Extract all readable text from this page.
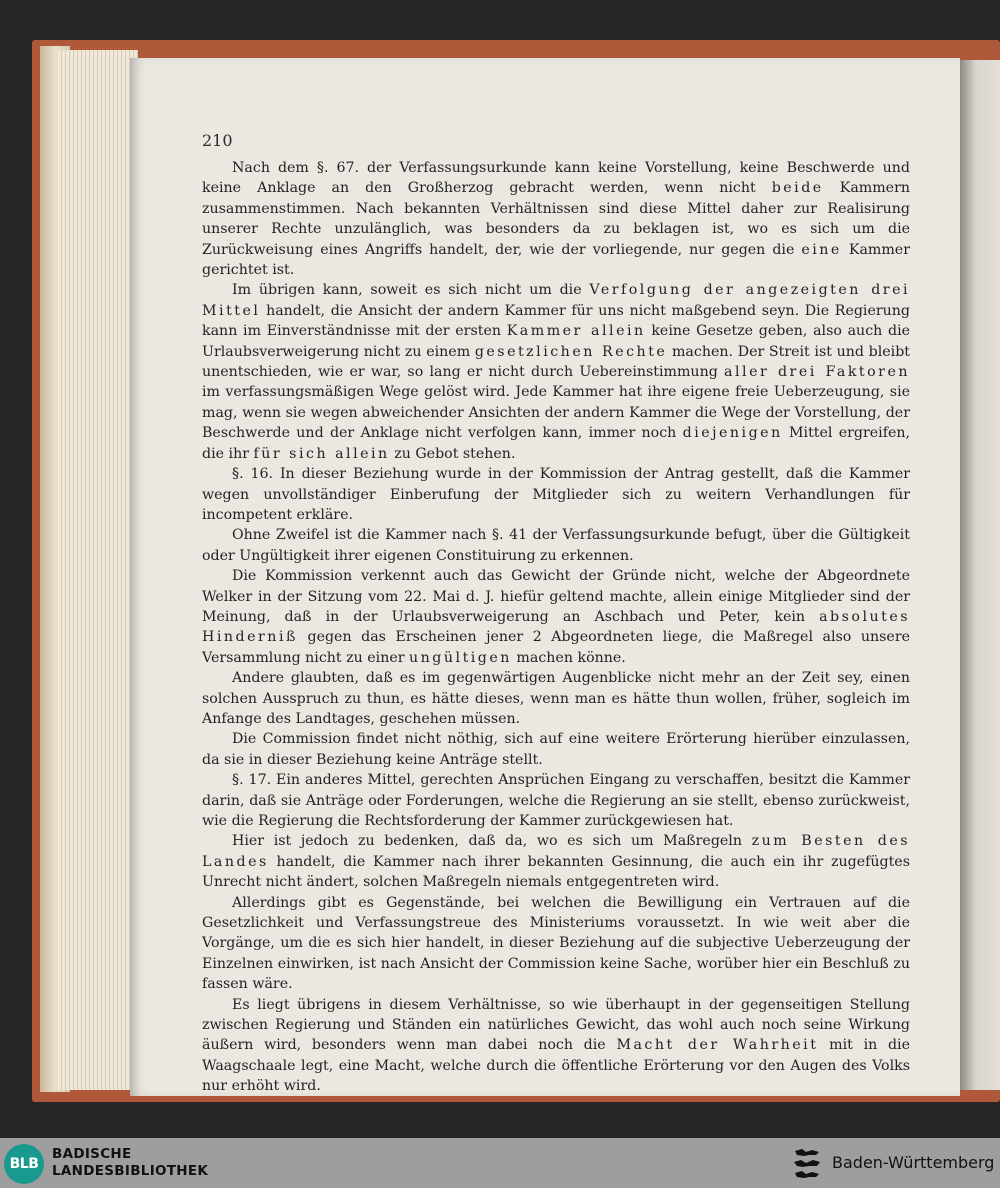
210

Nach dem §. 67. der Verfassungsurkunde kann keine Vorstellung, keine Beschwerde und keine Anklage an den Großherzog gebracht werden, wenn nicht beide Kammern zusammenstimmen. Nach bekannten Verhältnissen sind diese Mittel daher zur Realisirung unserer Rechte unzulänglich, was besonders da zu beklagen ist, wo es sich um die Zurückweisung eines Angriffs handelt, der, wie der vorliegende, nur gegen die eine Kammer gerichtet ist.

Im übrigen kann, soweit es sich nicht um die Verfolgung der angezeigten drei Mittel handelt, die Ansicht der andern Kammer für uns nicht maßgebend seyn. Die Regierung kann im Einverständnisse mit der ersten Kammer allein keine Gesetze geben, also auch die Urlaubsverweigerung nicht zu einem gesetzlichen Rechte machen. Der Streit ist und bleibt unentschieden, wie er war, so lang er nicht durch Uebereinstimmung aller drei Faktoren im verfassungsmäßigen Wege gelöst wird. Jede Kammer hat ihre eigene freie Ueberzeugung, sie mag, wenn sie wegen abweichender Ansichten der andern Kammer die Wege der Vorstellung, der Beschwerde und der Anklage nicht verfolgen kann, immer noch diejenigen Mittel ergreifen, die ihr für sich allein zu Gebot stehen.

§. 16. In dieser Beziehung wurde in der Kommission der Antrag gestellt, daß die Kammer wegen unvollständiger Einberufung der Mitglieder sich zu weitern Verhandlungen für incompetent erkläre.

Ohne Zweifel ist die Kammer nach §. 41 der Verfassungsurkunde befugt, über die Gültigkeit oder Ungültigkeit ihrer eigenen Constituirung zu erkennen.

Die Kommission verkennt auch das Gewicht der Gründe nicht, welche der Abgeordnete Welker in der Sitzung vom 22. Mai d. J. hiefür geltend machte, allein einige Mitglieder sind der Meinung, daß in der Urlaubsverweigerung an Aschbach und Peter, kein absolutes Hinderniß gegen das Erscheinen jener 2 Abgeordneten liege, die Maßregel also unsere Versammlung nicht zu einer ungültigen machen könne.

Andere glaubten, daß es im gegenwärtigen Augenblicke nicht mehr an der Zeit sey, einen solchen Ausspruch zu thun, es hätte dieses, wenn man es hätte thun wollen, früher, sogleich im Anfange des Landtages, geschehen müssen.

Die Commission findet nicht nöthig, sich auf eine weitere Erörterung hierüber einzulassen, da sie in dieser Beziehung keine Anträge stellt.

§. 17. Ein anderes Mittel, gerechten Ansprüchen Eingang zu verschaffen, besitzt die Kammer darin, daß sie Anträge oder Forderungen, welche die Regierung an sie stellt, ebenso zurückweist, wie die Regierung die Rechtsforderung der Kammer zurückgewiesen hat.

Hier ist jedoch zu bedenken, daß da, wo es sich um Maßregeln zum Besten des Landes handelt, die Kammer nach ihrer bekannten Gesinnung, die auch ein ihr zugefügtes Unrecht nicht ändert, solchen Maßregeln niemals entgegentreten wird.

Allerdings gibt es Gegenstände, bei welchen die Bewilligung ein Vertrauen auf die Gesetzlichkeit und Verfassungstreue des Ministeriums voraussetzt. In wie weit aber die Vorgänge, um die es sich hier handelt, in dieser Beziehung auf die subjective Ueberzeugung der Einzelnen einwirken, ist nach Ansicht der Commission keine Sache, worüber hier ein Beschluß zu fassen wäre.

Es liegt übrigens in diesem Verhältnisse, so wie überhaupt in der gegenseitigen Stellung zwischen Regierung und Ständen ein natürliches Gewicht, das wohl auch noch seine Wirkung äußern wird, besonders wenn man dabei noch die Macht der Wahrheit mit in die Waagschaale legt, eine Macht, welche durch die öffentliche Erörterung vor den Augen des Volks nur erhöht wird.

BLB
BADISCHE
LANDESBIBLIOTHEK	Baden-Württemberg
